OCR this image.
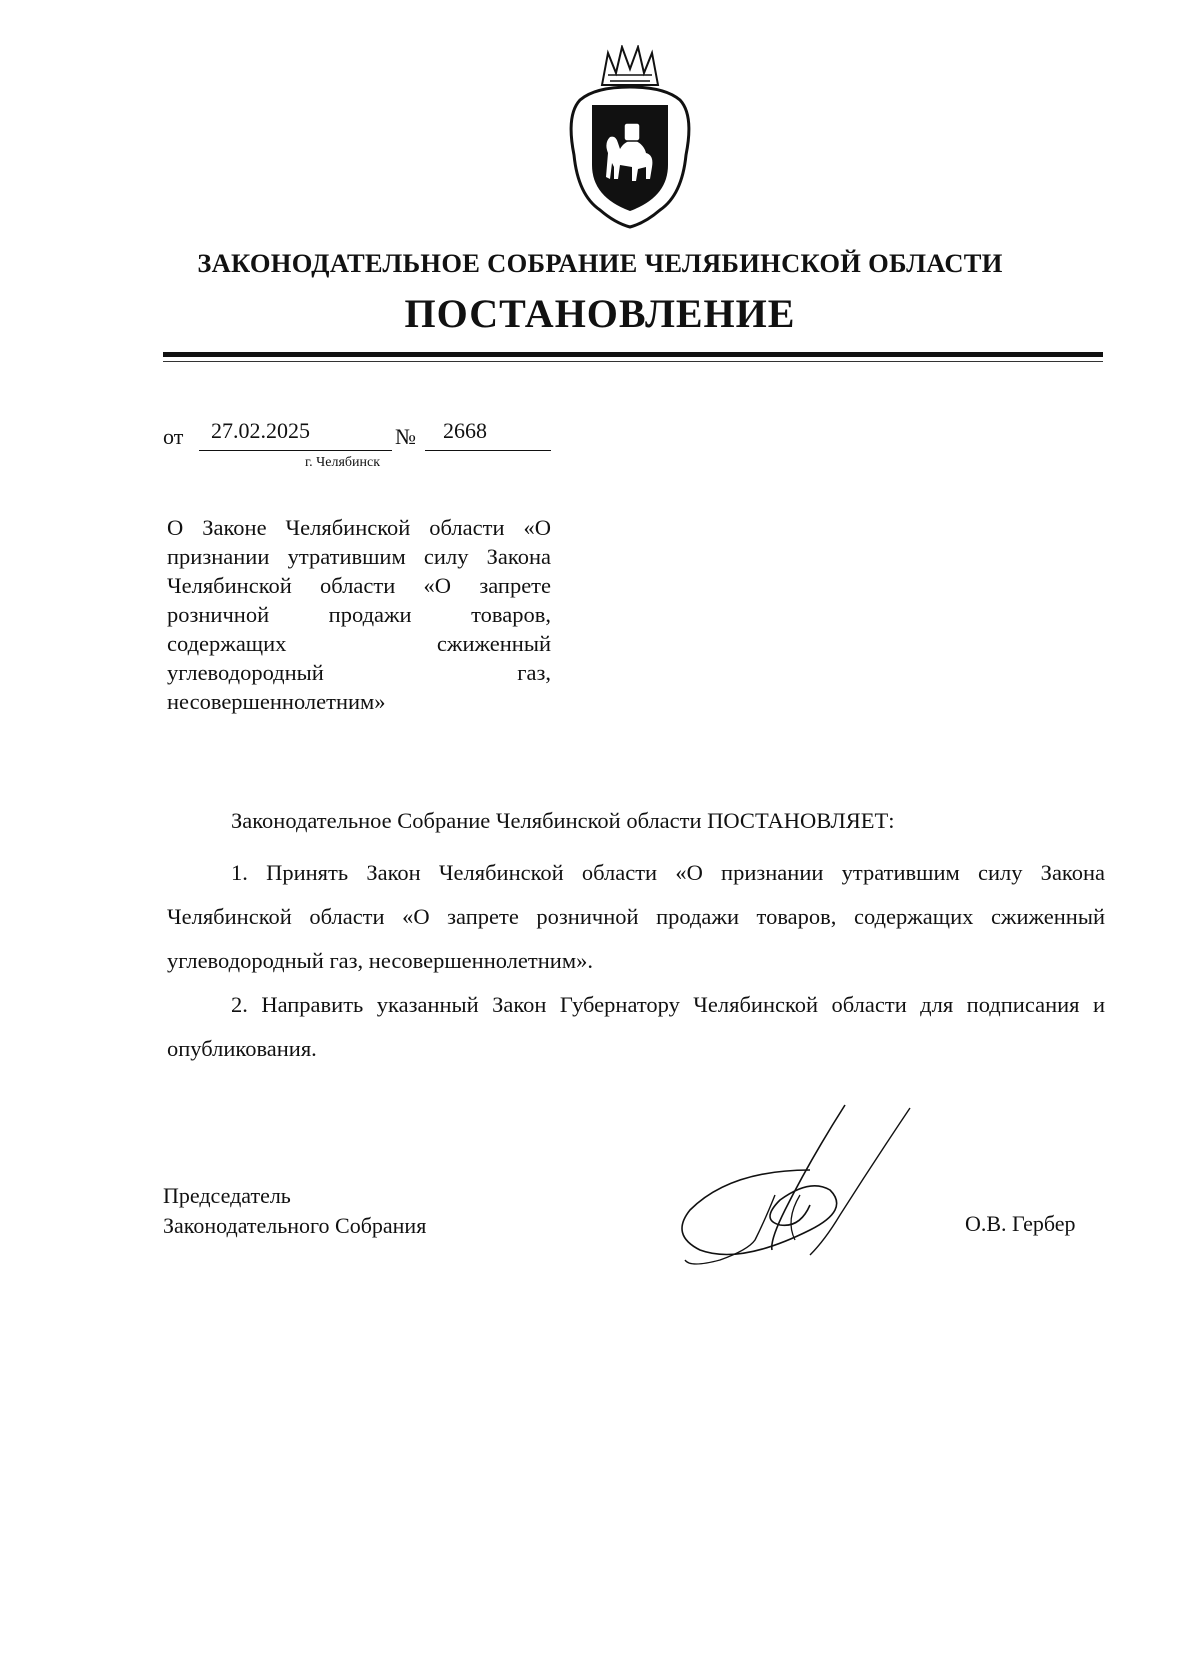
ЗАКОНОДАТЕЛЬНОЕ СОБРАНИЕ ЧЕЛЯБИНСКОЙ ОБЛАСТИ
ПОСТАНОВЛЕНИЕ
от 27.02.2025	№ 2668
г. Челябинск
О Законе Челябинской области «О признании утратившим силу Закона Челябинской области «О запрете розничной продажи товаров, содержащих сжиженный углеводородный газ, несовершеннолетним»

Законодательное Собрание Челябинской области ПОСТАНОВЛЯЕТ:

1. Принять Закон Челябинской области «О признании утратившим силу Закона Челябинской области «О запрете розничной продажи товаров, содержащих сжиженный углеводородный газ, несовершеннолетним».

2. Направить указанный Закон Губернатору Челябинской области для подписания и опубликования.

Председатель
Законодательного Собрания	О.В. Гербер
